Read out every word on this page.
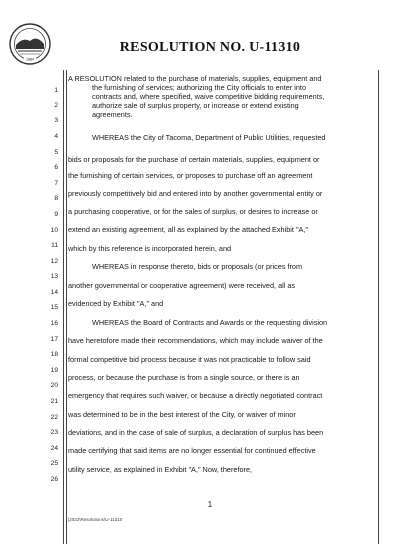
1884
RESOLUTION NO. U-11310
1
2
3
4
5
6
7
8
9
10
11
12
13
14
15
16
17
18
19
20
21
22
23
24
25
26
A RESOLUTION related to the purchase of materials, supplies, equipment and
the furnishing of services; authorizing the City officials to enter into
contracts and, where specified, waive competitive bidding requirements,
authorize sale of surplus property, or increase or extend existing
agreements.
WHEREAS the City of Tacoma, Department of Public Utilities, requested
bids or proposals for the purchase of certain materials, supplies, equipment or
the furnishing of certain services, or proposes to purchase off an agreement
previously competitively bid and entered into by another governmental entity or
a purchasing cooperative, or for the sales of surplus, or desires to increase or
extend an existing agreement, all as explained by the attached Exhibit "A,"
which by this reference is incorporated herein, and
WHEREAS in response thereto, bids or proposals (or prices from
another governmental or cooperative agreement) were received, all as
evidenced by Exhibit "A," and
WHEREAS the Board of Contracts and Awards or the requesting division
have heretofore made their recommendations, which may include waiver of the
formal competitive bid process because it was not practicable to follow said
process, or because the purchase is from a single source, or there is an
emergency that requires such waiver, or because a directly negotiated contract
was determined to be in the best interest of the City, or waiver of minor
deviations, and in the case of sale of surplus, a declaration of surplus has been
made certifying that said items are no longer essential for continued effective
utility service, as explained in Exhibit "A," Now, therefore,
1
[2022\Resolutions\U-11310
